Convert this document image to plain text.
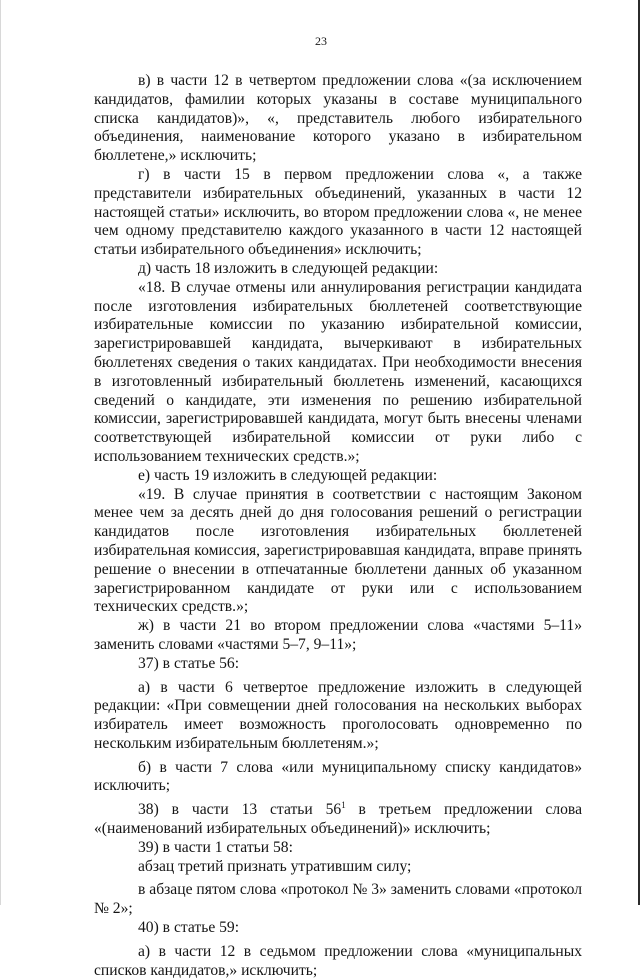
23

в) в части 12 в четвертом предложении слова «(за исключением кандидатов, фамилии которых указаны в составе муниципального списка кандидатов)», «, представитель любого избирательного объединения, наименование которого указано в избирательном бюллетене,» исключить;

г) в части 15 в первом предложении слова «, а также представители избирательных объединений, указанных в части 12 настоящей статьи» исключить, во втором предложении слова «, не менее чем одному представителю каждого указанного в части 12 настоящей статьи избирательного объединения» исключить;

д) часть 18 изложить в следующей редакции:

«18. В случае отмены или аннулирования регистрации кандидата после изготовления избирательных бюллетеней соответствующие избирательные комиссии по указанию избирательной комиссии, зарегистрировавшей кандидата, вычеркивают в избирательных бюллетенях сведения о таких кандидатах. При необходимости внесения в изготовленный избирательный бюллетень изменений, касающихся сведений о кандидате, эти изменения по решению избирательной комиссии, зарегистрировавшей кандидата, могут быть внесены членами соответствующей избирательной комиссии от руки либо с использованием технических средств.»;

е) часть 19 изложить в следующей редакции:

«19. В случае принятия в соответствии с настоящим Законом менее чем за десять дней до дня голосования решений о регистрации кандидатов после изготовления избирательных бюллетеней избирательная комиссия, зарегистрировавшая кандидата, вправе принять решение о внесении в отпечатанные бюллетени данных об указанном зарегистрированном кандидате от руки или с использованием технических средств.»;

ж) в части 21 во втором предложении слова «частями 5–11» заменить словами «частями 5–7, 9–11»;

37) в статье 56:

а) в части 6 четвертое предложение изложить в следующей редакции: «При совмещении дней голосования на нескольких выборах избиратель имеет возможность проголосовать одновременно по нескольким избирательным бюллетеням.»;

б) в части 7 слова «или муниципальному списку кандидатов» исключить;

38) в части 13 статьи $56^1$ в третьем предложении слова «(наименований избирательных объединений)» исключить;

39) в части 1 статьи 58:

абзац третий признать утратившим силу;

в абзаце пятом слова «протокол № 3» заменить словами «протокол № 2»;

40) в статье 59:

а) в части 12 в седьмом предложении слова «муниципальных списков кандидатов,» исключить;
